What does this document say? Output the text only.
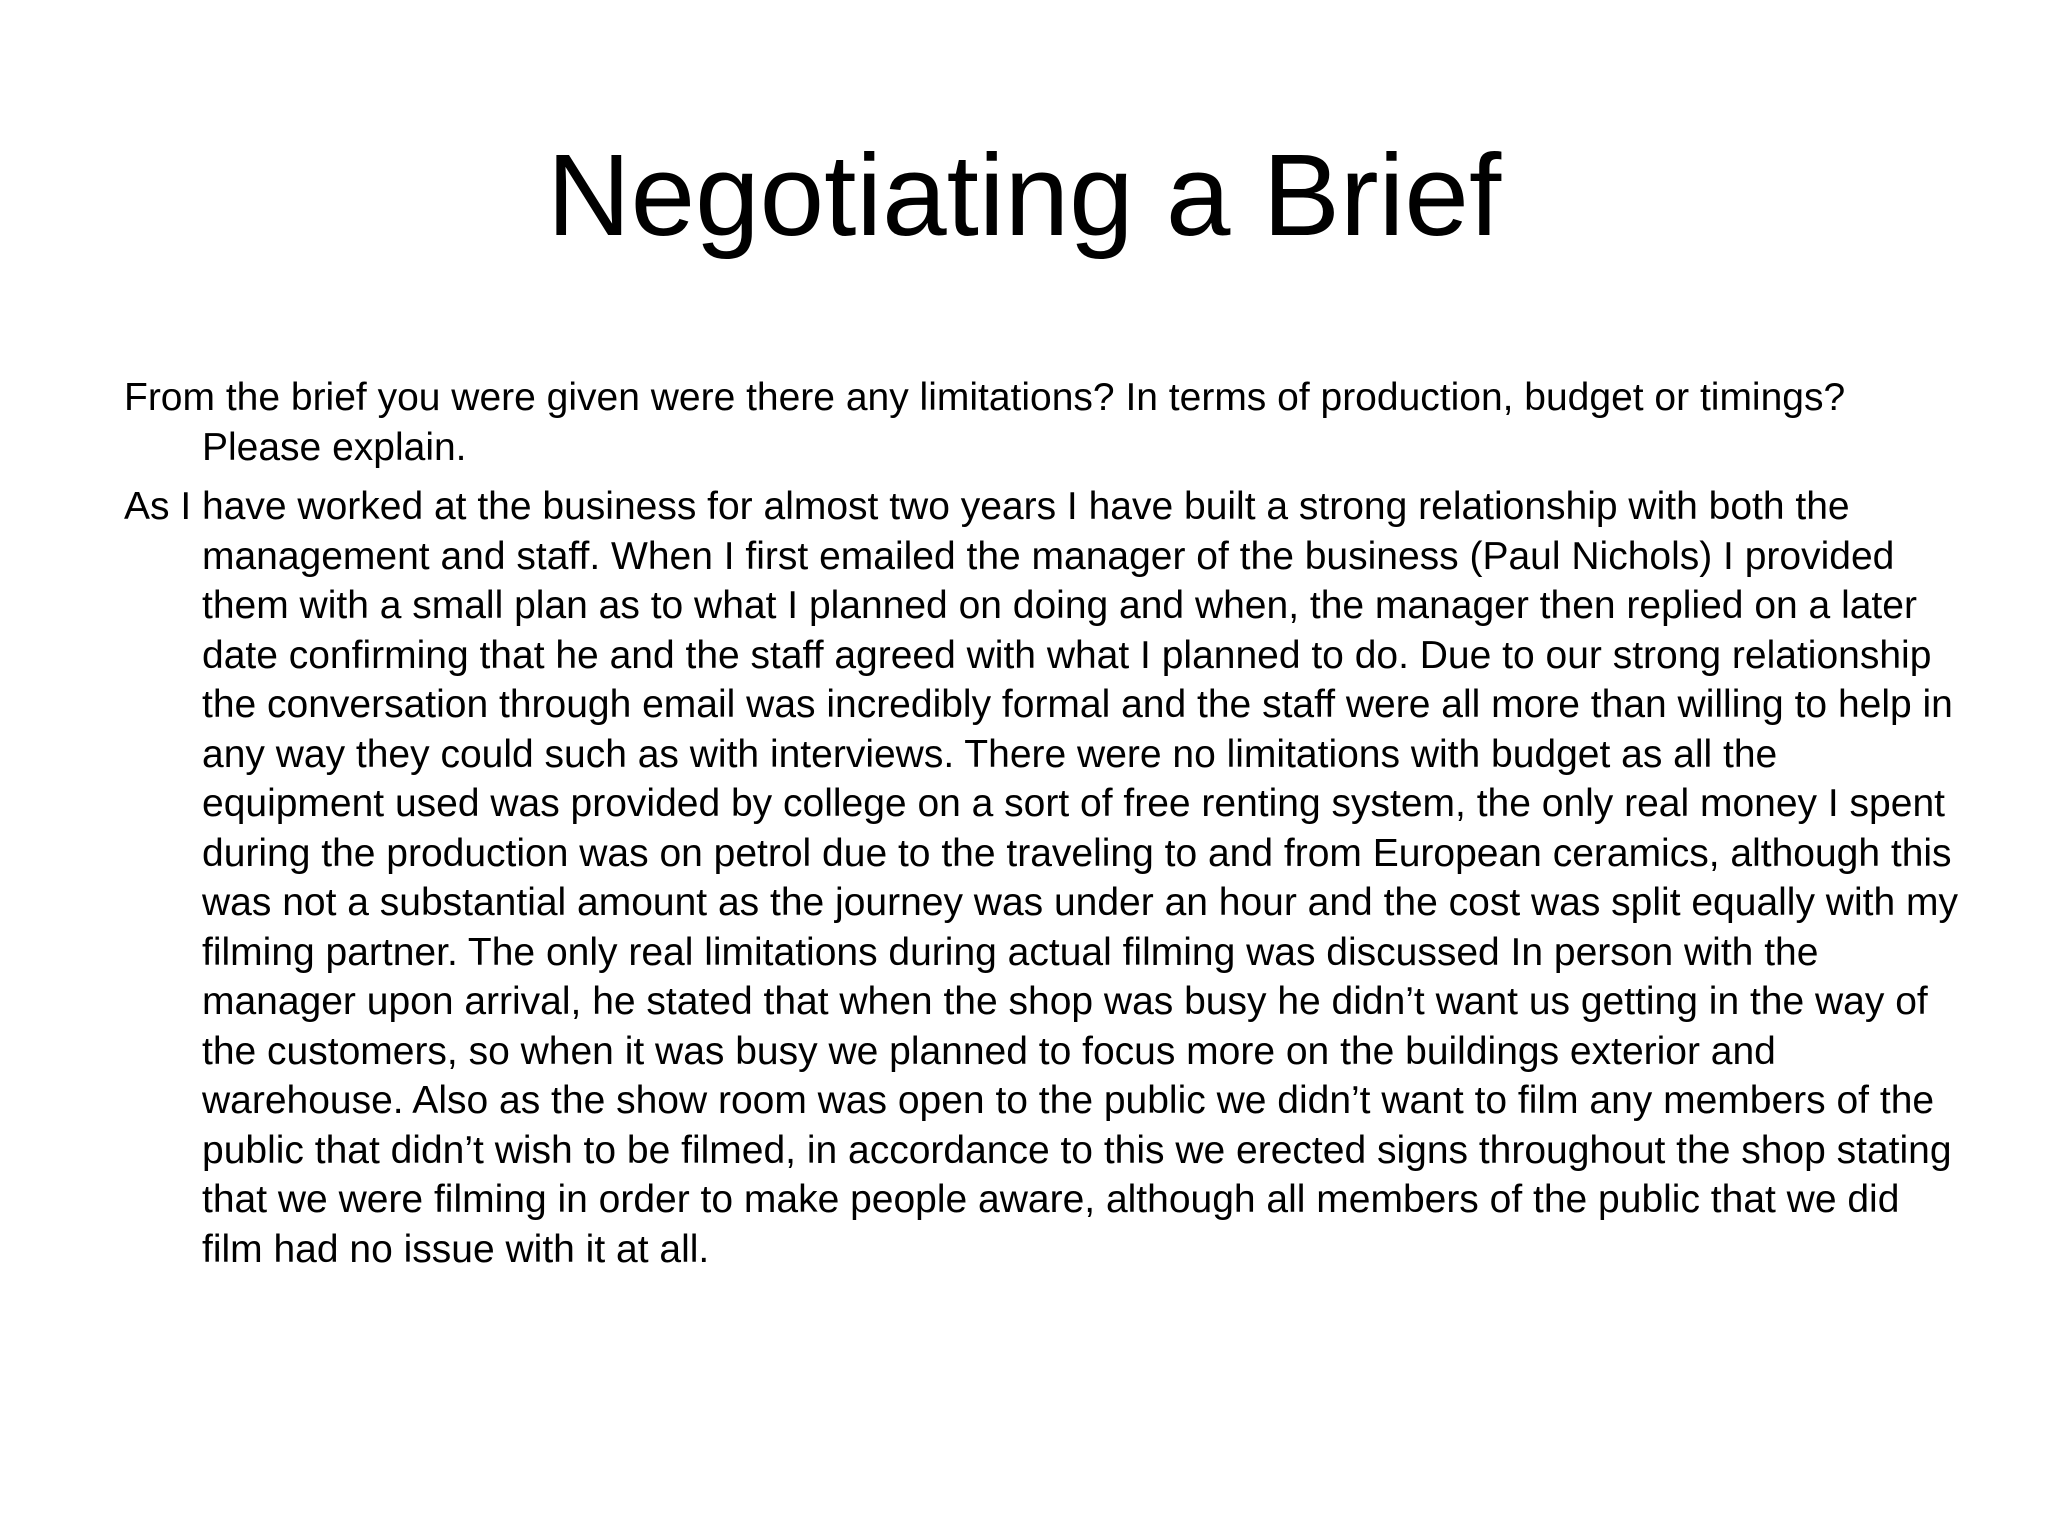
Negotiating a Brief

From the brief you were given were there any limitations? In terms of production, budget or timings? Please explain.

As I have worked at the business for almost two years I have built a strong relationship with both the management and staff. When I first emailed the manager of the business (Paul Nichols) I provided them with a small plan as to what I planned on doing and when, the manager then replied on a later date confirming that he and the staff agreed with what I planned to do. Due to our strong relationship the conversation through email was incredibly formal and the staff were all more than willing to help in any way they could such as with interviews. There were no limitations with budget as all the equipment used was provided by college on a sort of free renting system, the only real money I spent during the production was on petrol due to the traveling to and from European ceramics, although this was not a substantial amount as the journey was under an hour and the cost was split equally with my filming partner. The only real limitations during actual filming was discussed In person with the manager upon arrival, he stated that when the shop was busy he didn’t want us getting in the way of the customers, so when it was busy we planned to focus more on the buildings exterior and warehouse. Also as the show room was open to the public we didn’t want to film any members of the public that didn’t wish to be filmed, in accordance to this we erected signs throughout the shop stating that we were filming in order to make people aware, although all members of the public that we did film had no issue with it at all.
